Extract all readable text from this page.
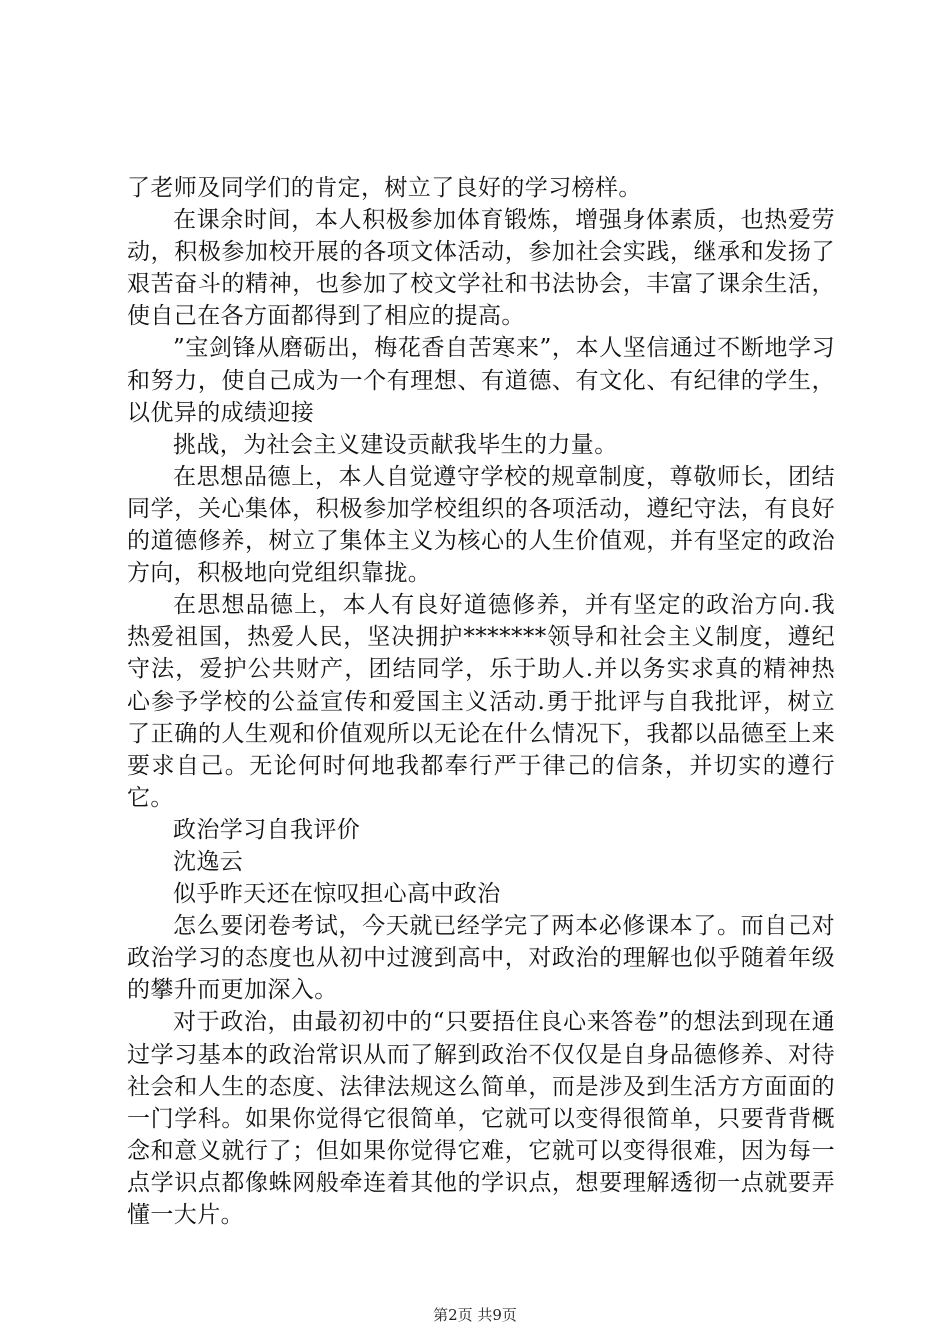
了老师及同学们的肯定，树立了良好的学习榜样。

在课余时间，本人积极参加体育锻炼，增强身体素质，也热爱劳动，积极参加校开展的各项文体活动，参加社会实践，继承和发扬了艰苦奋斗的精神，也参加了校文学社和书法协会，丰富了课余生活，使自己在各方面都得到了相应的提高。

”宝剑锋从磨砺出，梅花香自苦寒来”，本人坚信通过不断地学习和努力，使自己成为一个有理想、有道德、有文化、有纪律的学生，以优异的成绩迎接

挑战，为社会主义建设贡献我毕生的力量。

在思想品德上，本人自觉遵守学校的规章制度，尊敬师长，团结同学，关心集体，积极参加学校组织的各项活动，遵纪守法，有良好的道德修养，树立了集体主义为核心的人生价值观，并有坚定的政治方向，积极地向党组织靠拢。

在思想品德上，本人有良好道德修养，并有坚定的政治方向.我热爱祖国，热爱人民，坚决拥护*******领导和社会主义制度，遵纪守法，爱护公共财产，团结同学，乐于助人.并以务实求真的精神热心参予学校的公益宣传和爱国主义活动.勇于批评与自我批评，树立了正确的人生观和价值观所以无论在什么情况下，我都以品德至上来要求自己。无论何时何地我都奉行严于律己的信条，并切实的遵行它。

政治学习自我评价

沈逸云

似乎昨天还在惊叹担心高中政治

怎么要闭卷考试，今天就已经学完了两本必修课本了。而自己对政治学习的态度也从初中过渡到高中，对政治的理解也似乎随着年级的攀升而更加深入。

对于政治，由最初初中的“只要捂住良心来答卷”的想法到现在通过学习基本的政治常识从而了解到政治不仅仅是自身品德修养、对待社会和人生的态度、法律法规这么简单，而是涉及到生活方方面面的一门学科。如果你觉得它很简单，它就可以变得很简单，只要背背概念和意义就行了；但如果你觉得它难，它就可以变得很难，因为每一点学识点都像蛛网般牵连着其他的学识点，想要理解透彻一点就要弄懂一大片。

第2页 共9页
